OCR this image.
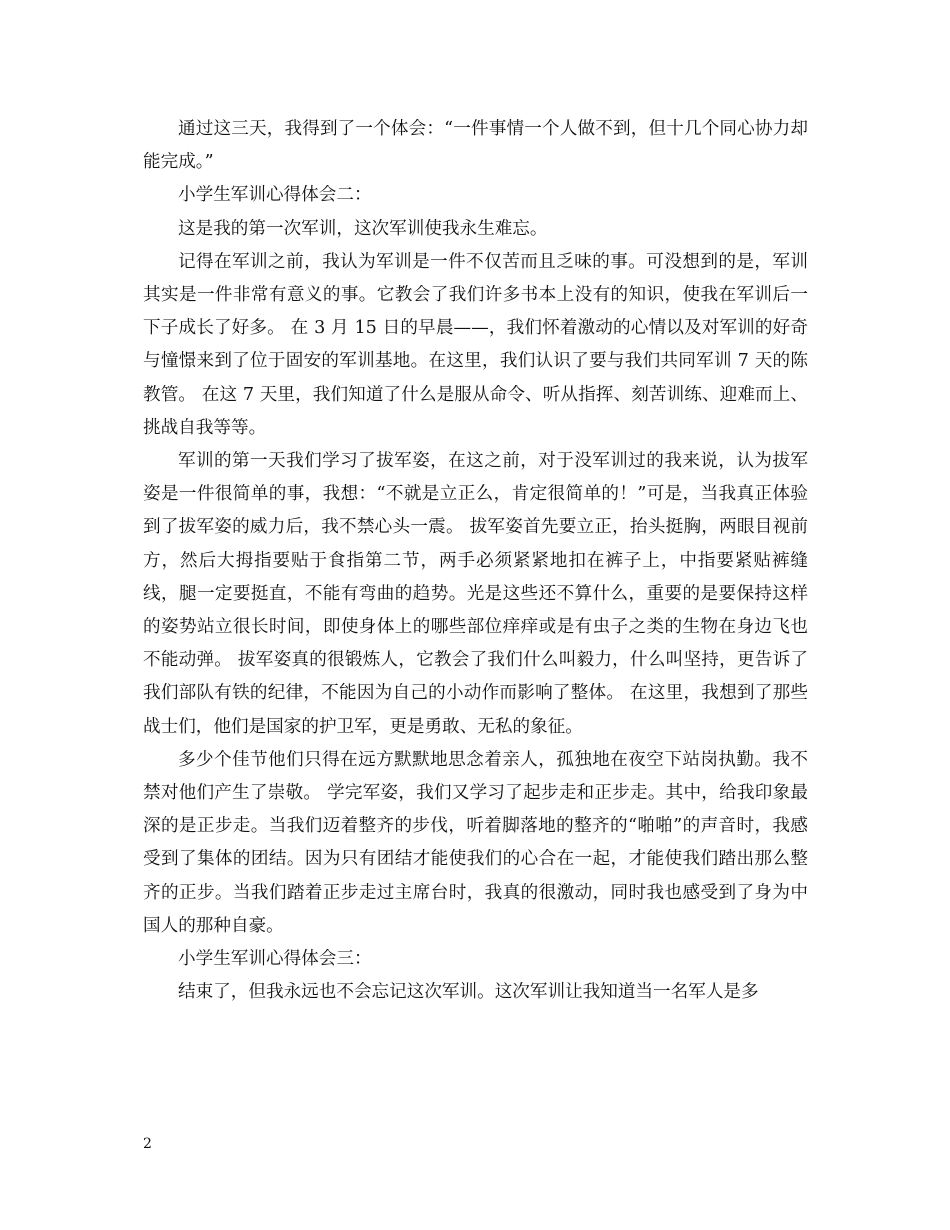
通过这三天，我得到了一个体会：“一件事情一个人做不到，但十几个同心协力却能完成。”

小学生军训心得体会二：

这是我的第一次军训，这次军训使我永生难忘。

记得在军训之前，我认为军训是一件不仅苦而且乏味的事。可没想到的是，军训其实是一件非常有意义的事。它教会了我们许多书本上没有的知识，使我在军训后一下子成长了好多。 在 3 月 15 日的早晨——，我们怀着激动的心情以及对军训的好奇与憧憬来到了位于固安的军训基地。在这里，我们认识了要与我们共同军训 7 天的陈教管。 在这 7 天里，我们知道了什么是服从命令、听从指挥、刻苦训练、迎难而上、挑战自我等等。

军训的第一天我们学习了拔军姿，在这之前，对于没军训过的我来说，认为拔军姿是一件很简单的事，我想：“不就是立正么，肯定很简单的！”可是，当我真正体验到了拔军姿的威力后，我不禁心头一震。 拔军姿首先要立正，抬头挺胸，两眼目视前方，然后大拇指要贴于食指第二节，两手必须紧紧地扣在裤子上，中指要紧贴裤缝线，腿一定要挺直，不能有弯曲的趋势。光是这些还不算什么，重要的是要保持这样的姿势站立很长时间，即使身体上的哪些部位痒痒或是有虫子之类的生物在身边飞也不能动弹。 拔军姿真的很锻炼人，它教会了我们什么叫毅力，什么叫坚持，更告诉了我们部队有铁的纪律，不能因为自己的小动作而影响了整体。 在这里，我想到了那些战士们，他们是国家的护卫军，更是勇敢、无私的象征。

多少个佳节他们只得在远方默默地思念着亲人，孤独地在夜空下站岗执勤。我不禁对他们产生了崇敬。 学完军姿，我们又学习了起步走和正步走。其中，给我印象最深的是正步走。当我们迈着整齐的步伐，听着脚落地的整齐的“啪啪”的声音时，我感受到了集体的团结。因为只有团结才能使我们的心合在一起，才能使我们踏出那么整齐的正步。当我们踏着正步走过主席台时，我真的很激动，同时我也感受到了身为中国人的那种自豪。

小学生军训心得体会三：

结束了，但我永远也不会忘记这次军训。这次军训让我知道当一名军人是多

2
